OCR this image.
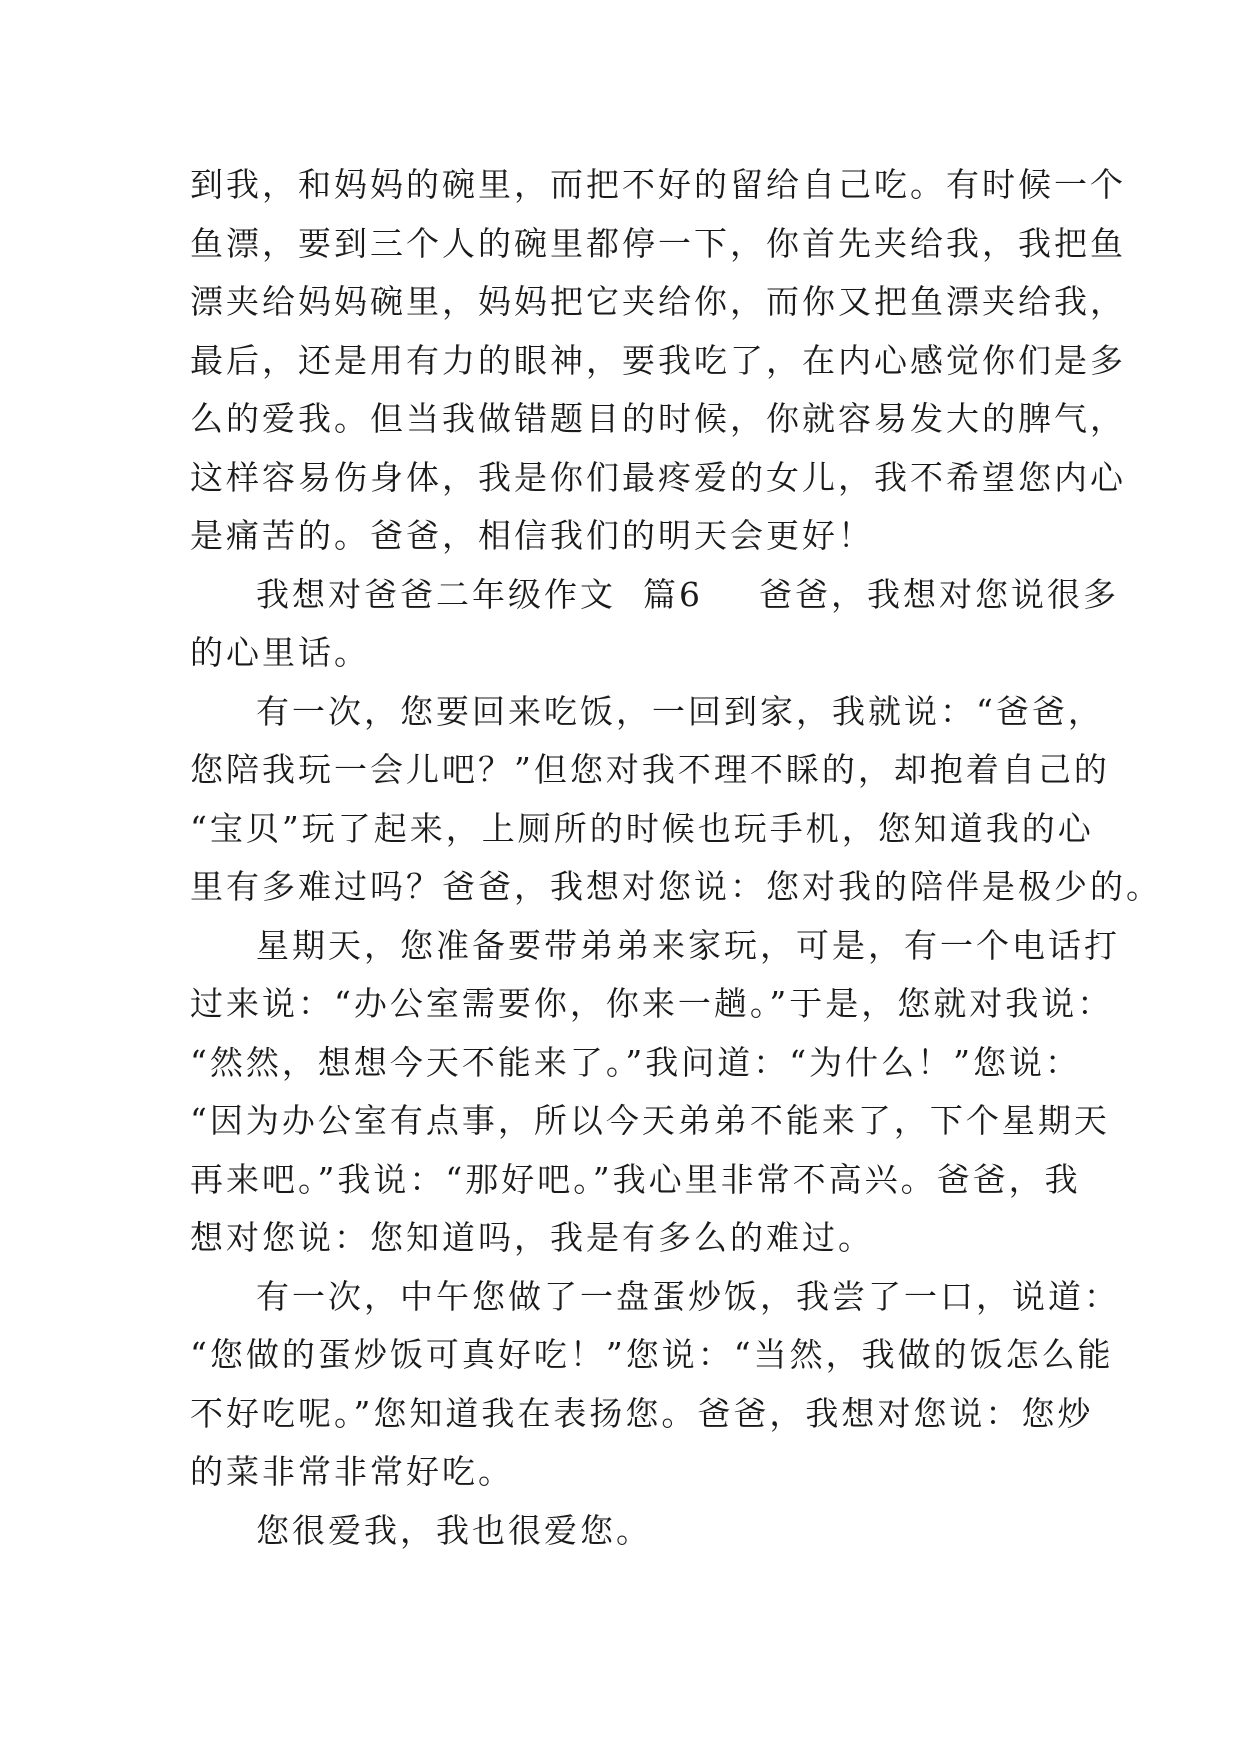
到我，和妈妈的碗里，而把不好的留给自己吃。有时候一个
鱼漂，要到三个人的碗里都停一下，你首先夹给我，我把鱼
漂夹给妈妈碗里，妈妈把它夹给你，而你又把鱼漂夹给我，
最后，还是用有力的眼神，要我吃了，在内心感觉你们是多
么的爱我。但当我做错题目的时候，你就容易发大的脾气，
这样容易伤身体，我是你们最疼爱的女儿，我不希望您内心
是痛苦的。爸爸，相信我们的明天会更好！
我想对爸爸二年级作文  篇6 爸爸，我想对您说很多
的心里话。
有一次，您要回来吃饭，一回到家，我就说：“爸爸，
您陪我玩一会儿吧？”但您对我不理不睬的，却抱着自己的
“宝贝”玩了起来，上厕所的时候也玩手机，您知道我的心
里有多难过吗？爸爸，我想对您说：您对我的陪伴是极少的。
星期天，您准备要带弟弟来家玩，可是，有一个电话打
过来说：“办公室需要你，你来一趟。”于是，您就对我说：
“然然，想想今天不能来了。”我问道：“为什么！”您说：
“因为办公室有点事，所以今天弟弟不能来了，下个星期天
再来吧。”我说：“那好吧。”我心里非常不高兴。爸爸，我
想对您说：您知道吗，我是有多么的难过。
有一次，中午您做了一盘蛋炒饭，我尝了一口，说道：
“您做的蛋炒饭可真好吃！”您说：“当然，我做的饭怎么能
不好吃呢。”您知道我在表扬您。爸爸，我想对您说：您炒
的菜非常非常好吃。
您很爱我，我也很爱您。
